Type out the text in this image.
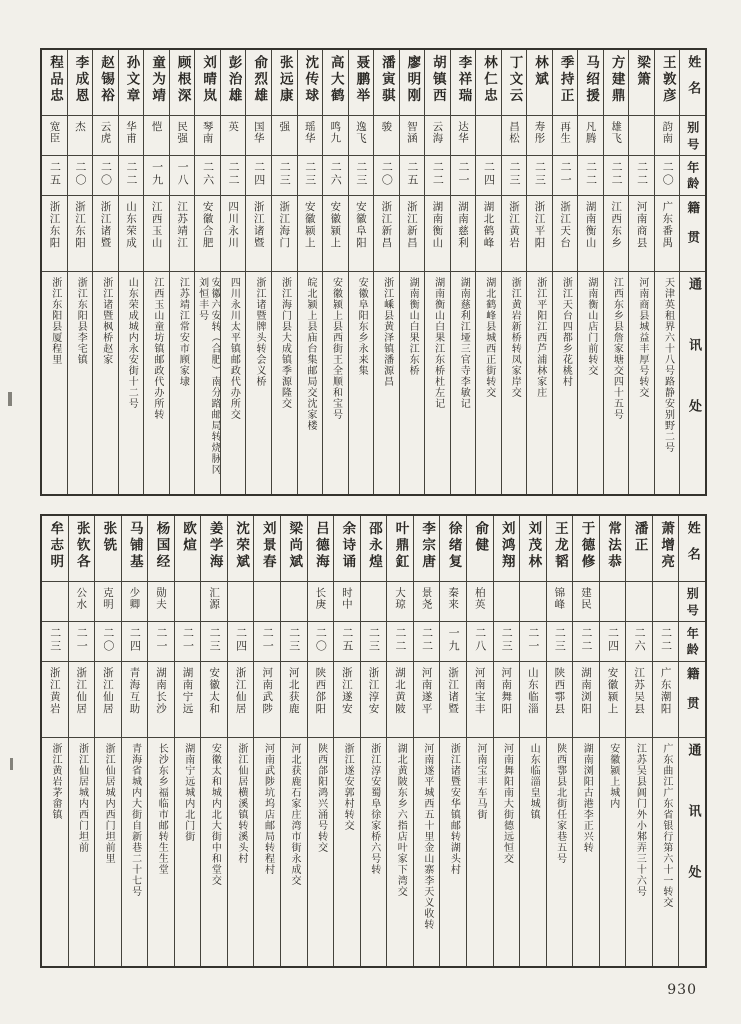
姓名
别号
年龄
籍贯
通讯处
王敦彦
韵南
二〇
广东番禺
天津英租界六十八号路静安别野二号
梁箫
二二
河南商县
河南商县城益丰厚号转交
方建鼎
雄飞
二二
江西东乡
江西东乡县詹家塘交四十五号
马绍援
凡腾
二二
湖南衡山
湖南衡山店门前转交
季持正
再生
二一
浙江天台
浙江天台四都乡花桃村
林斌
寿彤
二三
浙江平阳
浙江平阳江西芦浦林家庄
丁文云
昌松
二三
浙江黄岩
浙江黄岩新桥转凤家岸交
林仁忠
二四
湖北鹤峰
湖北鹤峰县城西正街转交
李祥瑞
达华
二一
湖南慈利
湖南慈利江垭三官寺李敏记
胡镇西
云海
二二
湖南衡山
湖南衡山白果江东桥杜左记
廖明刚
智涵
二五
浙江新昌
湖南衡山白果江东桥
潘寅骐
骏
二〇
浙江新昌
浙江嵊县黄泽镇潘源昌
聂鹏举
逸飞
二三
安徽阜阳
安徽阜阳东乡永来集
高大鹤
鸣九
二六
安徽颍上
安徽颍上县西街王全顺和宝号
沈传球
瑶华
二三
安徽颍上
皖北颍上县庙台集邮局交沈家楼
张远康
强
二三
浙江海门
浙江海门县大成镇季源隆交
俞烈雄
国华
二四
浙江诸暨
浙江诸暨牌头转会义桥
彭治雄
英
二二
四川永川
四川永川太平镇邮政代办所交
刘晴岚
琴南
二六
安徽合肥
安徽六安转（合肥）南分路邮局转烧脉冈刘恒丰号
顾根深
民强
一八
江苏靖江
江苏靖江常安市顾家埭
童为靖
恺
一九
江西玉山
江西玉山童坊镇邮政代办所转
孙文章
华甫
二二
山东荣成
山东荣成城内永安街十二号
赵锡裕
云虎
二〇
浙江诸暨
浙江诸暨枫桥赵家
李成恩
杰
二〇
浙江东阳
浙江东阳县李宅镇
程品忠
宽臣
二五
浙江东阳
浙江东阳县厦程里
姓名
别号
年龄
籍贯
通讯处
萧增亮
二二
广东潮阳
广东曲江广东省银行第六十一转交
潘正
二六
江苏吴县
江苏吴县阊门外小邾弄三十六号
常法恭
二四
安徽颍上
安徽颍上城内
于德修
建民
二二
湖南浏阳
湖南浏阳古港李正兴转
王龙韬
锦峰
二三
陕西鄠县
陕西鄠县北街任家巷五号
刘茂林
二一
山东临淄
山东临淄皇城镇
刘鸿翔
二三
河南舞阳
河南舞阳南大街德远恒交
俞健
柏英
二八
河南宝丰
河南宝丰车马街
徐绪复
秦来
一九
浙江诸暨
浙江诸暨安华镇邮转湖头村
李宗唐
景尧
二二
河南遂平
河南遂平城西五十里金山寨李天义收转
叶鼎釭
大琼
二二
湖北黄陂
湖北黄陂东乡六指店叶家下湾交
邵永煌
二三
浙江淳安
浙江淳安蜀阜徐家桥六号转
余诗诵
时中
二五
浙江遂安
浙江遂安郭村转交
吕德海
长庚
二〇
陕西郃阳
陕西郃阳鸿兴涌号转交
梁尚斌
二三
河北获鹿
河北获鹿石家庄湾市街永成交
刘景春
二一
河南武陟
河南武陟坑坞店邮局转程村
沈荣斌
二四
浙江仙居
浙江仙居横溪镇转溪头村
姜学海
汇源
二三
安徽太和
安徽太和城内北大街中和堂交
欧煊
二一
湖南宁远
湖南宁远城内北门街
杨国经
勋夫
二一
湖南长沙
长沙东乡福临市邮转生生堂
马铺基
少卿
二四
青海互助
青海省城内大街自新巷二十七号
张铣
克明
二〇
浙江仙居
浙江仙居城内西门坦前里
张钦各
公水
二一
浙江仙居
浙江仙居城内西门坦前
牟志明
二三
浙江黄岩
浙江黄岩茅畲镇
930
